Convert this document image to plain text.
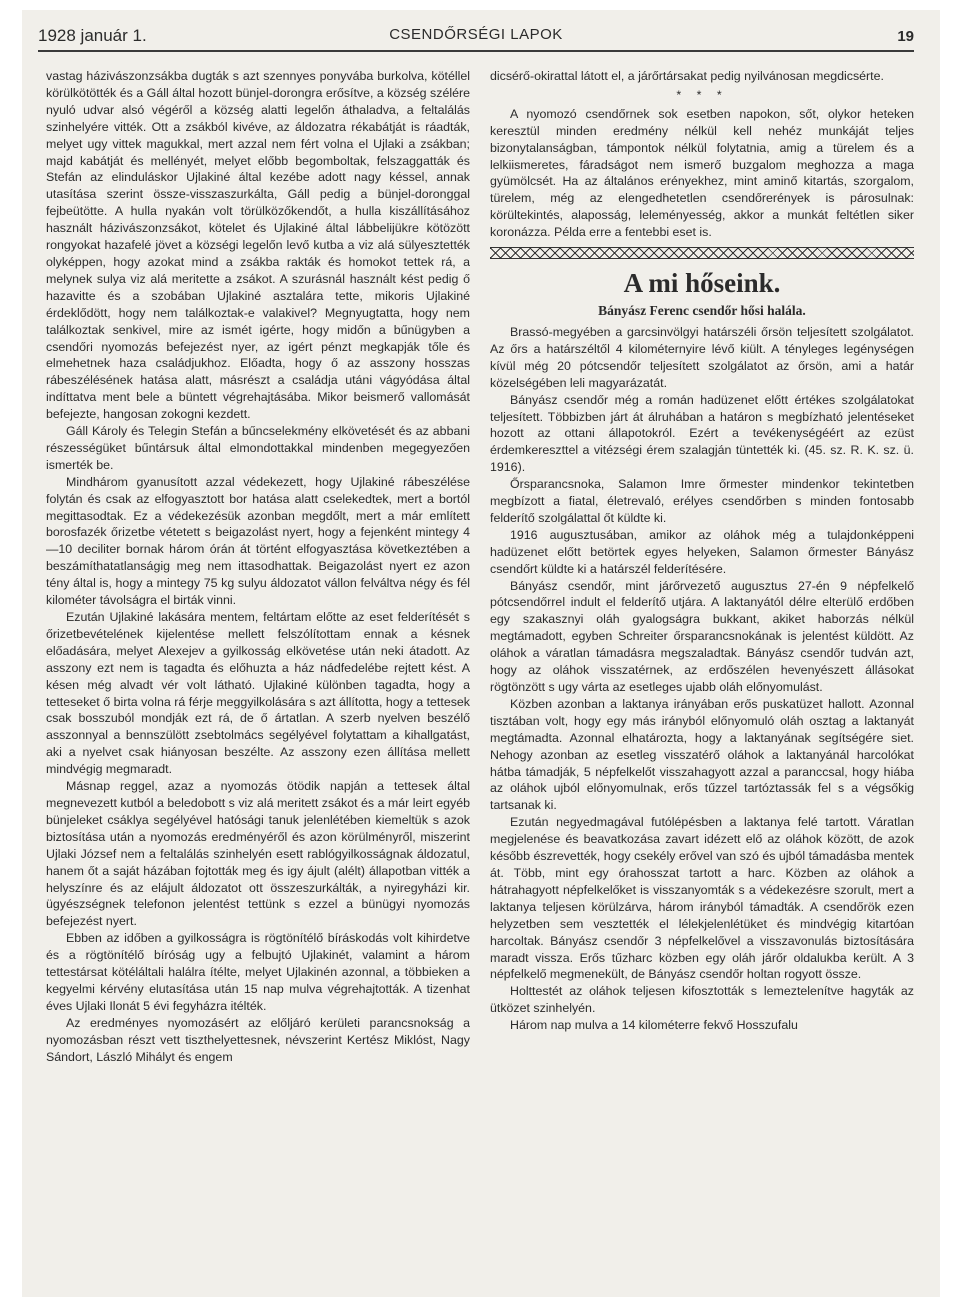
1928 január 1.	CSENDŐRSÉGI LAPOK	19

vastag házivászonzsákba dugták s azt szennyes ponyvába burkolva, kötéllel körülkötötték és a Gáll által hozott bünjel-dorongra erősítve, a község szélére nyuló udvar alsó végéről a község alatti legelőn áthaladva, a feltalálás szinhelyére vitték. Ott a zsákból kivéve, az áldozatra rékabátját is ráadták, melyet ugy vittek magukkal, mert azzal nem fért volna el Ujlaki a zsákban; majd kabátját és mellényét, melyet előbb begomboltak, felszaggatták és Stefán az elinduláskor Ujlakiné által kezébe adott nagy késsel, annak utasítása szerint össze-visszaszurkálta, Gáll pedig a bünjel-doronggal fejbeütötte. A hulla nyakán volt törülközőkendőt, a hulla kiszállításához használt házivászonzsákot, kötelet és Ujlakiné által lábbelijükre kötözött rongyokat hazafelé jövet a községi legelőn levő kutba a viz alá sülyesztették olyképpen, hogy azokat mind a zsákba rakták és homokot tettek rá, a melynek sulya viz alá meritette a zsákot. A szurásnál használt kést pedig ő hazavitte és a szobában Ujlakiné asztalára tette, mikoris Ujlakiné érdeklődött, hogy nem találkoztak-e valakivel? Megnyugtatta, hogy nem találkoztak senkivel, mire az ismét igérte, hogy midőn a bűnügyben a csendőri nyomozás befejezést nyer, az igért pénzt megkapják tőle és elmehetnek haza családjukhoz. Előadta, hogy ő az asszony hosszas rábeszélésének hatása alatt, másrészt a családja utáni vágyódása által indíttatva ment bele a büntett végrehajtásába. Mikor beismerő vallomását befejezte, hangosan zokogni kezdett.

Gáll Károly és Telegin Stefán a bűncselekmény elkövetését és az abbani részességüket bűntársuk által elmondottakkal mindenben megegyezően ismerték be.

Mindhárom gyanusított azzal védekezett, hogy Ujlakiné rábeszélése folytán és csak az elfogyasztott bor hatása alatt cselekedtek, mert a bortól megittasodtak. Ez a védekezésük azonban megdőlt, mert a már említett borosfazék őrizetbe vétetett s beigazolást nyert, hogy a fejenként mintegy 4—10 deciliter bornak három órán át történt elfogyasztása következtében a beszámíthatatlanságig meg nem ittasodhattak. Beigazolást nyert ez azon tény által is, hogy a mintegy 75 kg sulyu áldozatot vállon felváltva négy és fél kilométer távolságra el birták vinni.

Ezután Ujlakiné lakására mentem, feltártam előtte az eset felderítését s őrizetbevételének kijelentése mellett felszólítottam ennak a késnek előadására, melyet Alexejev a gyilkosság elkövetése után neki átadott. Az asszony ezt nem is tagadta és előhuzta a ház nádfedelébe rejtett kést. A késen még alvadt vér volt látható. Ujlakiné különben tagadta, hogy a tetteseket ő birta volna rá férje meggyilkolására s azt állította, hogy a tettesek csak bosszuból mondják ezt rá, de ő ártatlan. A szerb nyelven beszélő asszonnyal a bennszülött zsebtolmács segélyével folytattam a kihallgatást, aki a nyelvet csak hiányosan beszélte. Az asszony ezen állítása mellett mindvégig megmaradt.

Másnap reggel, azaz a nyomozás ötödik napján a tettesek által megnevezett kutból a beledobott s viz alá meritett zsákot és a már leirt egyéb bünjeleket csáklya segélyével hatósági tanuk jelenlétében kiemeltük s azok biztosítása után a nyomozás eredményéről és azon körülményről, miszerint Ujlaki József nem a feltalálás szinhelyén esett rablógyilkosságnak áldozatul, hanem őt a saját házában fojtották meg és igy ájult (alélt) állapotban vitték a helyszínre és az elájult áldozatot ott összeszurkálták, a nyiregyházi kir. ügyészségnek telefonon jelentést tettünk s ezzel a bünügyi nyomozás befejezést nyert.

Ebben az időben a gyilkosságra is rögtönítélő bíráskodás volt kihirdetve és a rögtönítélő bíróság ugy a felbujtó Ujlakinét, valamint a három tettestársat kötéláltali halálra ítélte, melyet Ujlakinén azonnal, a többieken a kegyelmi kérvény elutasítása után 15 nap mulva végrehajtották. A tizenhat éves Ujlaki Ilonát 5 évi fegyházra itélték.

Az eredményes nyomozásért az előljáró kerületi parancsnokság a nyomozásban részt vett tiszthelyettesnek, névszerint Kertész Miklóst, Nagy Sándort, László Mihályt és engem

dicsérő-okirattal látott el, a járőrtársakat pedig nyilvánosan megdicsérte.

* * *

A nyomozó csendőrnek sok esetben napokon, sőt, olykor heteken keresztül minden eredmény nélkül kell nehéz munkáját teljes bizonytalanságban, támpontok nélkül folytatnia, amig a türelem és a lelkiismeretes, fáradságot nem ismerő buzgalom meghozza a maga gyümölcsét. Ha az általános erényekhez, mint aminő kitartás, szorgalom, türelem, még az elengedhetetlen csendőrerények is párosulnak: körültekintés, alaposság, leleményesség, akkor a munkát feltétlen siker koronázza. Példa erre a fentebbi eset is.

A mi hőseink.
Bányász Ferenc csendőr hősi halála.

Brassó-megyében a garcsinvölgyi határszéli őrsön teljesített szolgálatot. Az őrs a határszéltől 4 kilométernyire lévő kiült. A tényleges legénységen kívül még 20 pótcsendőr teljesített szolgálatot az őrsön, ami a határ közelségében leli magyarázatát.

Bányász csendőr még a román hadüzenet előtt értékes szolgálatokat teljesített. Többizben járt át álruhában a határon s megbízható jelentéseket hozott az ottani állapotokról. Ezért a tevékenységéért az ezüst érdemkereszttel a vitézségi érem szalagján tüntették ki. (45. sz. R. K. sz. ü. 1916).

Őrsparancsnoka, Salamon Imre őrmester mindenkor tekintetben megbízott a fiatal, életrevaló, erélyes csendőrben s minden fontosabb felderítő szolgálattal őt küldte ki.

1916 augusztusában, amikor az oláhok még a tulajdonképpeni hadüzenet előtt betörtek egyes helyeken, Salamon őrmester Bányász csendőrt küldte ki a határszél felderítésére.

Bányász csendőr, mint járőrvezető augusztus 27-én 9 népfelkelő pótcsendőrrel indult el felderítő utjára. A laktanyától délre elterülő erdőben egy szakasznyi oláh gyalogságra bukkant, akiket haborzás nélkül megtámadott, egyben Schreiter őrsparancsnokának is jelentést küldött. Az oláhok a váratlan támadásra megszaladtak. Bányász csendőr tudván azt, hogy az oláhok visszatérnek, az erdőszélen hevenyészett állásokat rögtönzött s ugy várta az esetleges ujabb oláh előnyomulást.

Közben azonban a laktanya irányában erős puskatüzet hallott. Azonnal tisztában volt, hogy egy más irányból előnyomuló oláh osztag a laktanyát megtámadta. Azonnal elhatározta, hogy a laktanyának segítségére siet. Nehogy azonban az esetleg visszatérő oláhok a laktanyánál harcolókat hátba támadják, 5 népfelkelőt visszahagyott azzal a paranccsal, hogy hiába az oláhok ujból előnyomulnak, erős tűzzel tartóztassák fel s a végsőkig tartsanak ki.

Ezután negyedmagával futólépésben a laktanya felé tartott. Váratlan megjelenése és beavatkozása zavart idézett elő az oláhok között, de azok később észrevették, hogy csekély erővel van szó és ujból támadásba mentek át. Több, mint egy órahosszat tartott a harc. Közben az oláhok a hátrahagyott népfelkelőket is visszanyomták s a védekezésre szorult, mert a laktanya teljesen körülzárva, három irányból támadták. A csendőrök ezen helyzetben sem vesztették el lélekjelenlétüket és mindvégig kitartóan harcoltak. Bányász csendőr 3 népfelkelővel a visszavonulás biztosítására maradt vissza. Erős tűzharc közben egy oláh járőr oldalukba került. A 3 népfelkelő megmenekült, de Bányász csendőr holtan rogyott össze.

Holttestét az oláhok teljesen kifosztották s lemeztelenítve hagyták az ütközet szinhelyén.

Három nap mulva a 14 kilométerre fekvő Hosszufalu
